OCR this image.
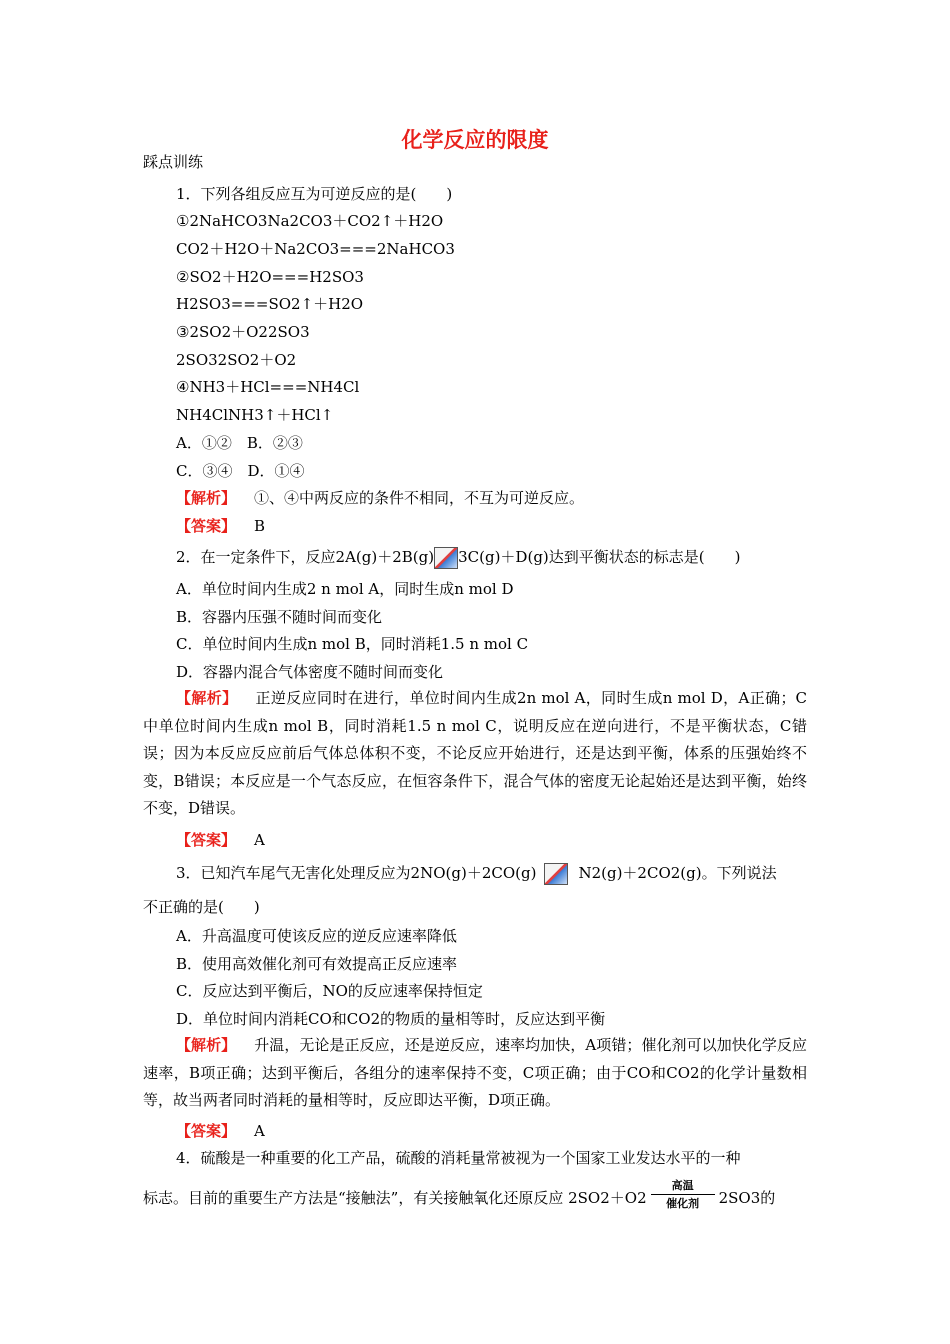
化学反应的限度
踩点训练
1．下列各组反应互为可逆反应的是(　　)
①2NaHCO3Na2CO3＋CO2↑＋H2O
CO2＋H2O＋Na2CO3===2NaHCO3
②SO2＋H2O===H2SO3
H2SO3===SO2↑＋H2O
③2SO2＋O22SO3
2SO32SO2＋O2
④NH3＋HCl===NH4Cl
NH4ClNH3↑＋HCl↑
A．①②　B．②③
C．③④　D．①④
【解析】 ①、④中两反应的条件不相同，不互为可逆反应。
【答案】 B
2．在一定条件下，反应2A(g)＋2B(g) 3C(g)＋D(g)达到平衡状态的标志是(　　)
A．单位时间内生成2 n mol A，同时生成n mol D
B．容器内压强不随时间而变化
C．单位时间内生成n mol B，同时消耗1.5 n mol C
D．容器内混合气体密度不随时间而变化
【解析】 正逆反应同时在进行，单位时间内生成2n mol A，同时生成n mol D，A正确；C中单位时间内生成n mol B，同时消耗1.5 n mol C，说明反应在逆向进行，不是平衡状态，C错误；因为本反应反应前后气体总体积不变，不论反应开始进行，还是达到平衡，体系的压强始终不变，B错误；本反应是一个气态反应，在恒容条件下，混合气体的密度无论起始还是达到平衡，始终不变，D错误。
【答案】 A
3．已知汽车尾气无害化处理反应为2NO(g)＋2CO(g)	N2(g)＋2CO2(g)。下列说法
不正确的是(　　)
A．升高温度可使该反应的逆反应速率降低
B．使用高效催化剂可有效提高正反应速率
C．反应达到平衡后，NO的反应速率保持恒定
D．单位时间内消耗CO和CO2的物质的量相等时，反应达到平衡
【解析】 升温，无论是正反应，还是逆反应，速率均加快，A项错；催化剂可以加快化学反应速率，B项正确；达到平衡后，各组分的速率保持不变，C项正确；由于CO和CO2的化学计量数相等，故当两者同时消耗的量相等时，反应即达平衡，D项正确。
【答案】 A
4．硫酸是一种重要的化工产品，硫酸的消耗量常被视为一个国家工业发达水平的一种
标志。目前的重要生产方法是“接触法”，有关接触氧化还原反应 2SO2＋O2
高温
催化剂	2SO3的
